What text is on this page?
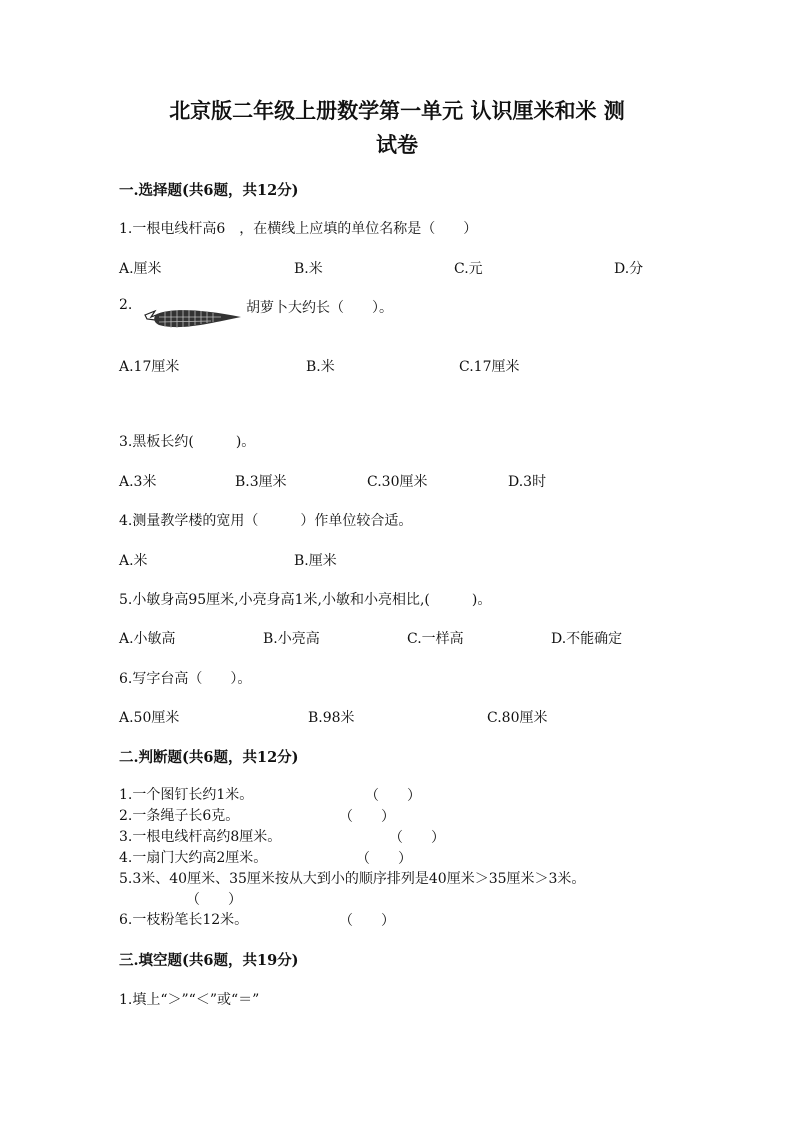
北京版二年级上册数学第一单元 认识厘米和米 测
试卷
一.选择题(共6题，共12分)
1.一根电线杆高6　，在横线上应填的单位名称是（　　）
A.厘米	B.米	C.元	D.分
2.	胡萝卜大约长（　　）。
A.17厘米	B.米	C.17厘米
3.黑板长约(　　　)。
A.3米	B.3厘米	C.30厘米	D.3时
4.测量教学楼的宽用（　　　）作单位较合适。
A.米	B.厘米
5.小敏身高95厘米,小亮身高1米,小敏和小亮相比,(　　　)。
A.小敏高	B.小亮高	C.一样高	D.不能确定
6.写字台高（　　）。
A.50厘米	B.98米	C.80厘米
二.判断题(共6题，共12分)
1.一个图钉长约1米。	（　　）
2.一条绳子长6克。	（　　）
3.一根电线杆高约8厘米。	（　　）
4.一扇门大约高2厘米。	（　　）
5.3米、40厘米、35厘米按从大到小的顺序排列是40厘米＞35厘米＞3米。
（　　）
6.一枝粉笔长12米。	（　　）
三.填空题(共6题，共19分)
1.填上“＞”“＜”或“＝”
